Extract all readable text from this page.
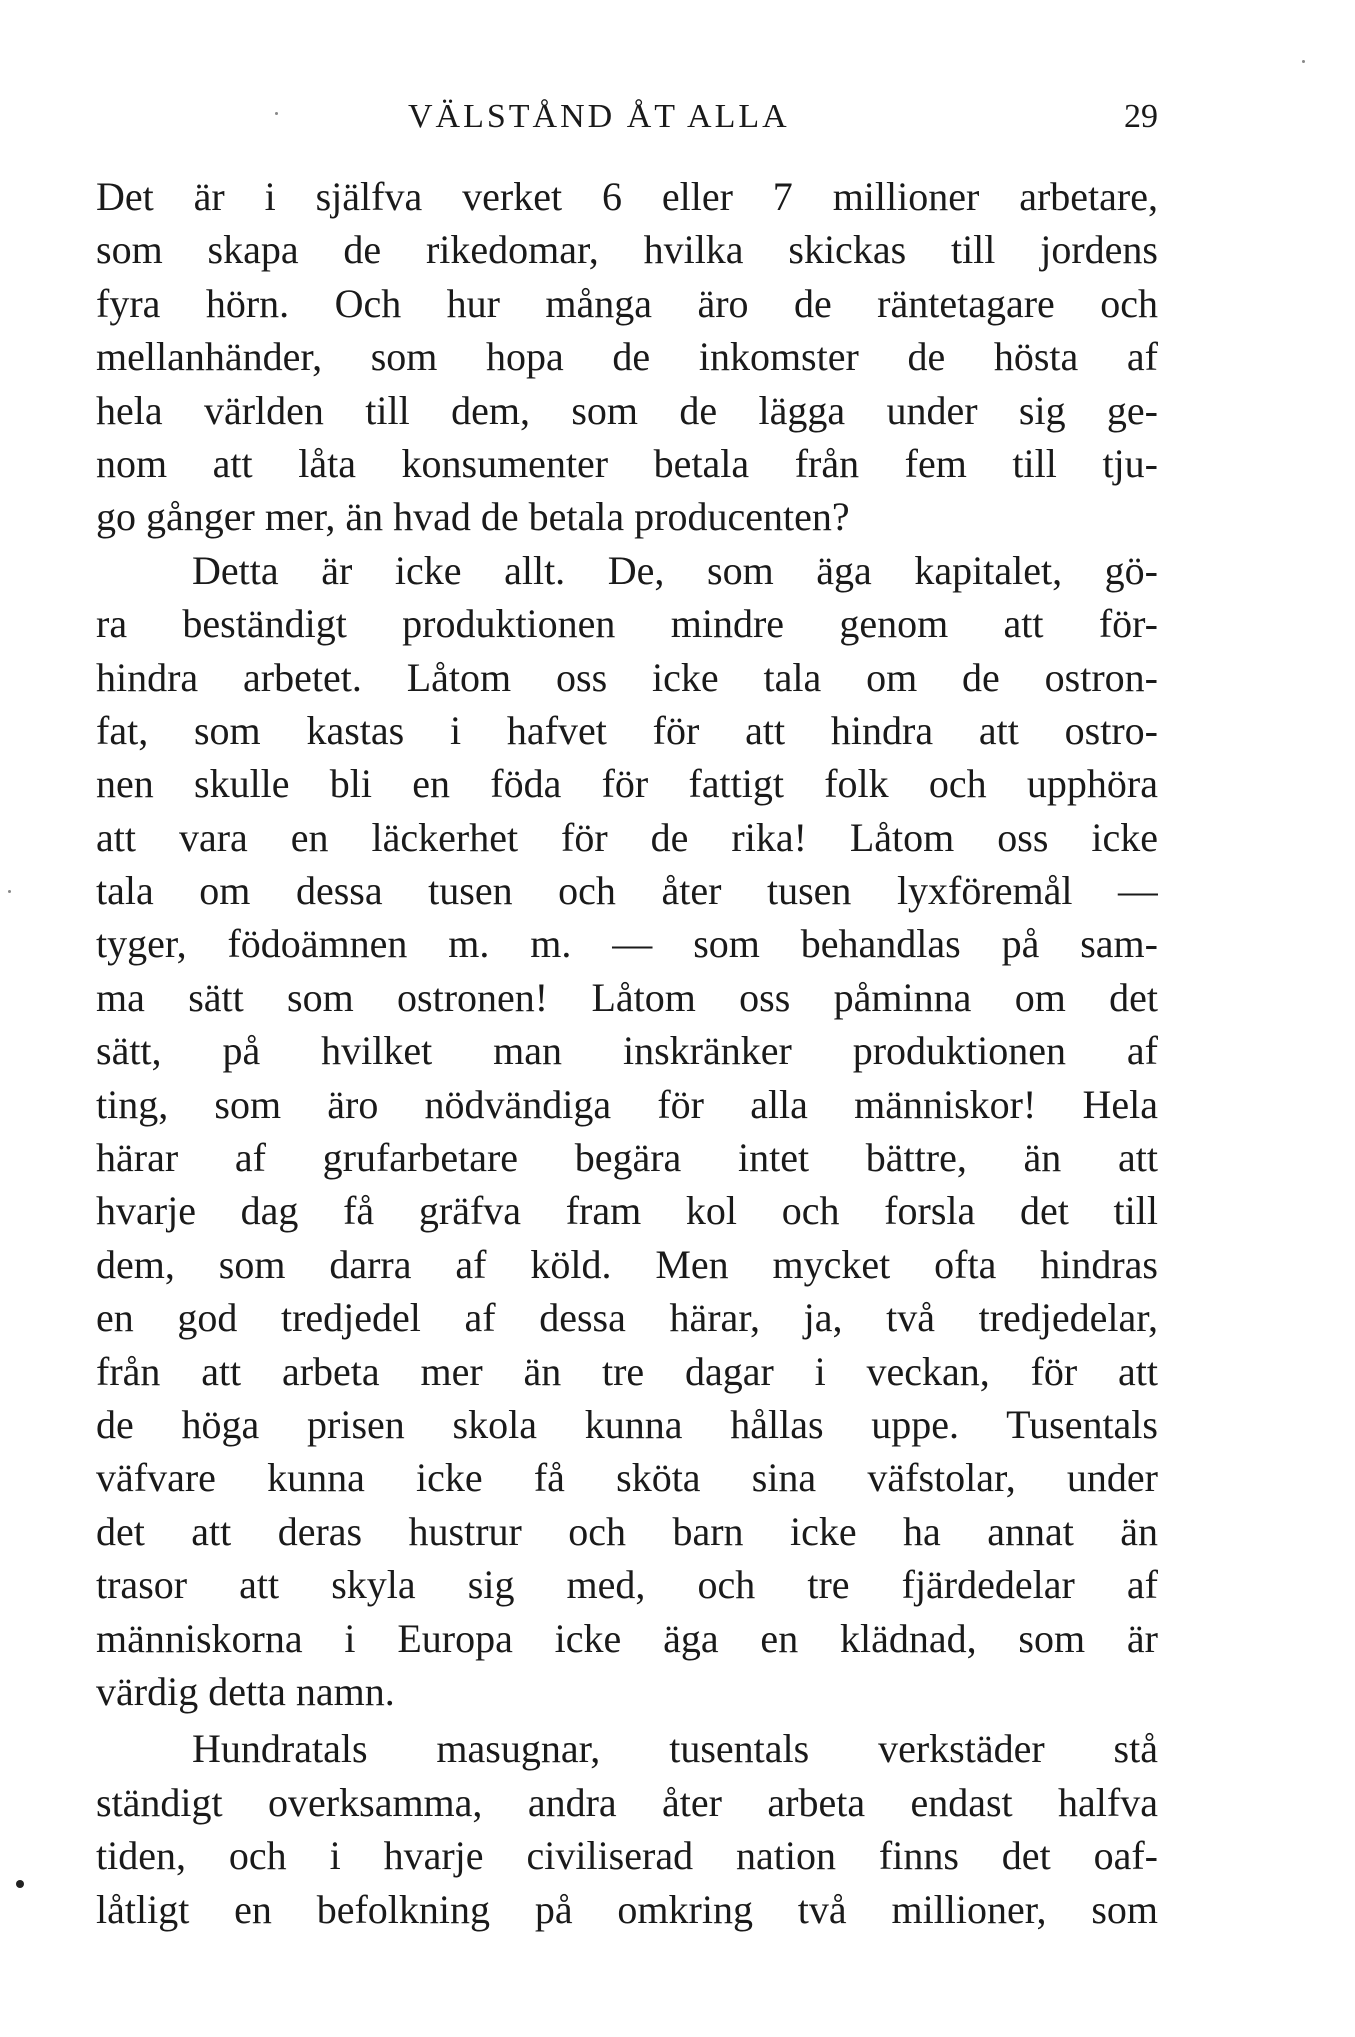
VÄLSTÅND ÅT ALLA	29
Det är i själfva verket 6 eller 7 millioner arbetare,
som skapa de rikedomar, hvilka skickas till jordens
fyra hörn. Och hur många äro de räntetagare och
mellanhänder, som hopa de inkomster de hösta af
hela världen till dem, som de lägga under sig ge-
nom att låta konsumenter betala från fem till tju-
go gånger mer, än hvad de betala producenten?
Detta är icke allt. De, som äga kapitalet, gö-
ra beständigt produktionen mindre genom att för-
hindra arbetet. Låtom oss icke tala om de ostron-
fat, som kastas i hafvet för att hindra att ostro-
nen skulle bli en föda för fattigt folk och upphöra
att vara en läckerhet för de rika! Låtom oss icke
tala om dessa tusen och åter tusen lyxföremål —
tyger, födoämnen m. m. — som behandlas på sam-
ma sätt som ostronen! Låtom oss påminna om det
sätt, på hvilket man inskränker produktionen af
ting, som äro nödvändiga för alla människor! Hela
härar af grufarbetare begära intet bättre, än att
hvarje dag få gräfva fram kol och forsla det till
dem, som darra af köld. Men mycket ofta hindras
en god tredjedel af dessa härar, ja, två tredjedelar,
från att arbeta mer än tre dagar i veckan, för att
de höga prisen skola kunna hållas uppe. Tusentals
väfvare kunna icke få sköta sina väfstolar, under
det att deras hustrur och barn icke ha annat än
trasor att skyla sig med, och tre fjärdedelar af
människorna i Europa icke äga en klädnad, som är
värdig detta namn.
Hundratals masugnar, tusentals verkstäder stå
ständigt overksamma, andra åter arbeta endast halfva
tiden, och i hvarje civiliserad nation finns det oaf-
låtligt en befolkning på omkring två millioner, som
